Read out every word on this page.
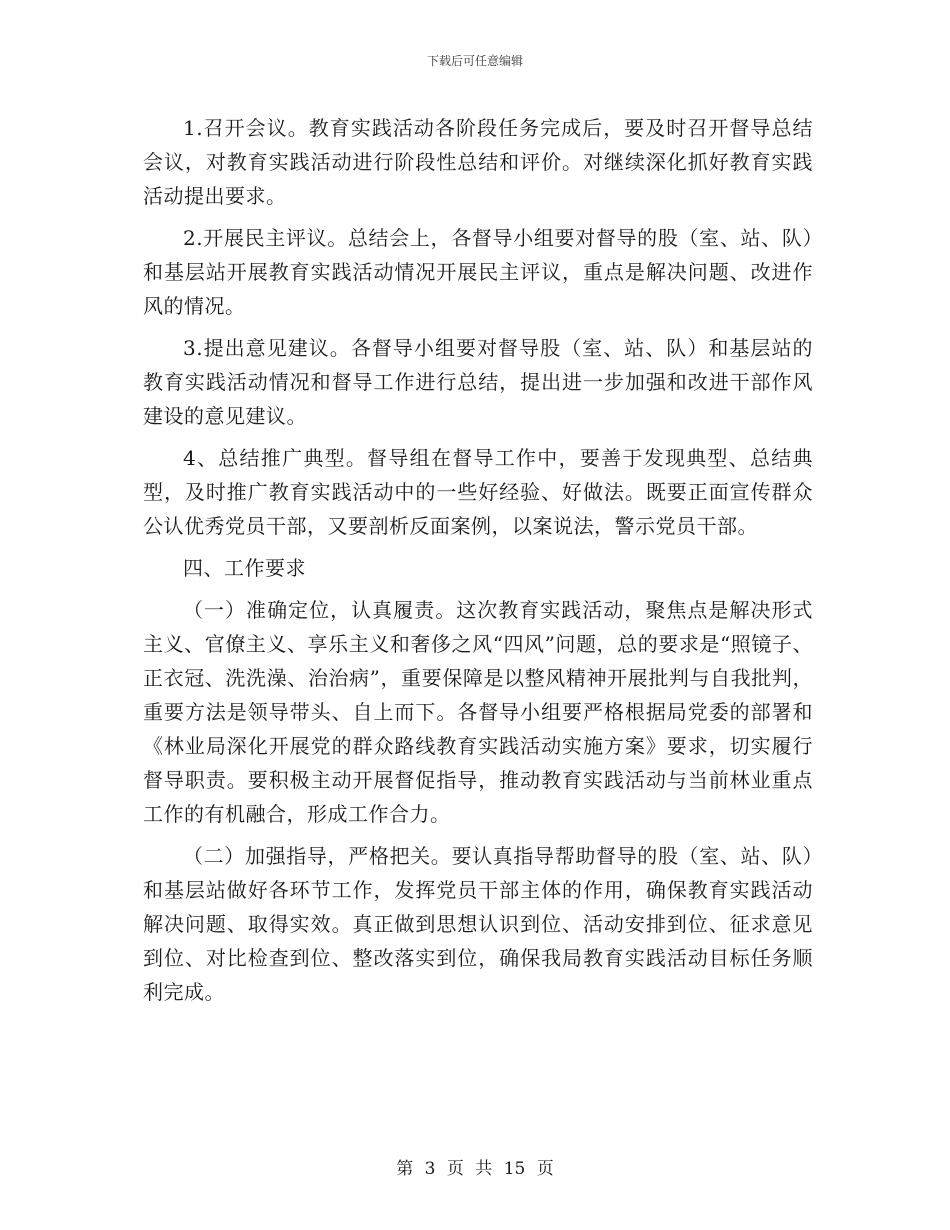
下载后可任意编辑

1.召开会议。教育实践活动各阶段任务完成后，要及时召开督导总结会议，对教育实践活动进行阶段性总结和评价。对继续深化抓好教育实践活动提出要求。

2.开展民主评议。总结会上，各督导小组要对督导的股（室、站、队）和基层站开展教育实践活动情况开展民主评议，重点是解决问题、改进作风的情况。

3.提出意见建议。各督导小组要对督导股（室、站、队）和基层站的教育实践活动情况和督导工作进行总结，提出进一步加强和改进干部作风建设的意见建议。

4、总结推广典型。督导组在督导工作中，要善于发现典型、总结典型，及时推广教育实践活动中的一些好经验、好做法。既要正面宣传群众公认优秀党员干部，又要剖析反面案例，以案说法，警示党员干部。

四、工作要求

（一）准确定位，认真履责。这次教育实践活动，聚焦点是解决形式主义、官僚主义、享乐主义和奢侈之风“四风”问题，总的要求是“照镜子、正衣冠、洗洗澡、治治病”，重要保障是以整风精神开展批判与自我批判，重要方法是领导带头、自上而下。各督导小组要严格根据局党委的部署和《林业局深化开展党的群众路线教育实践活动实施方案》要求，切实履行督导职责。要积极主动开展督促指导，推动教育实践活动与当前林业重点工作的有机融合，形成工作合力。

（二）加强指导，严格把关。要认真指导帮助督导的股（室、站、队）和基层站做好各环节工作，发挥党员干部主体的作用，确保教育实践活动解决问题、取得实效。真正做到思想认识到位、活动安排到位、征求意见到位、对比检查到位、整改落实到位，确保我局教育实践活动目标任务顺利完成。

第 3 页 共 15 页
